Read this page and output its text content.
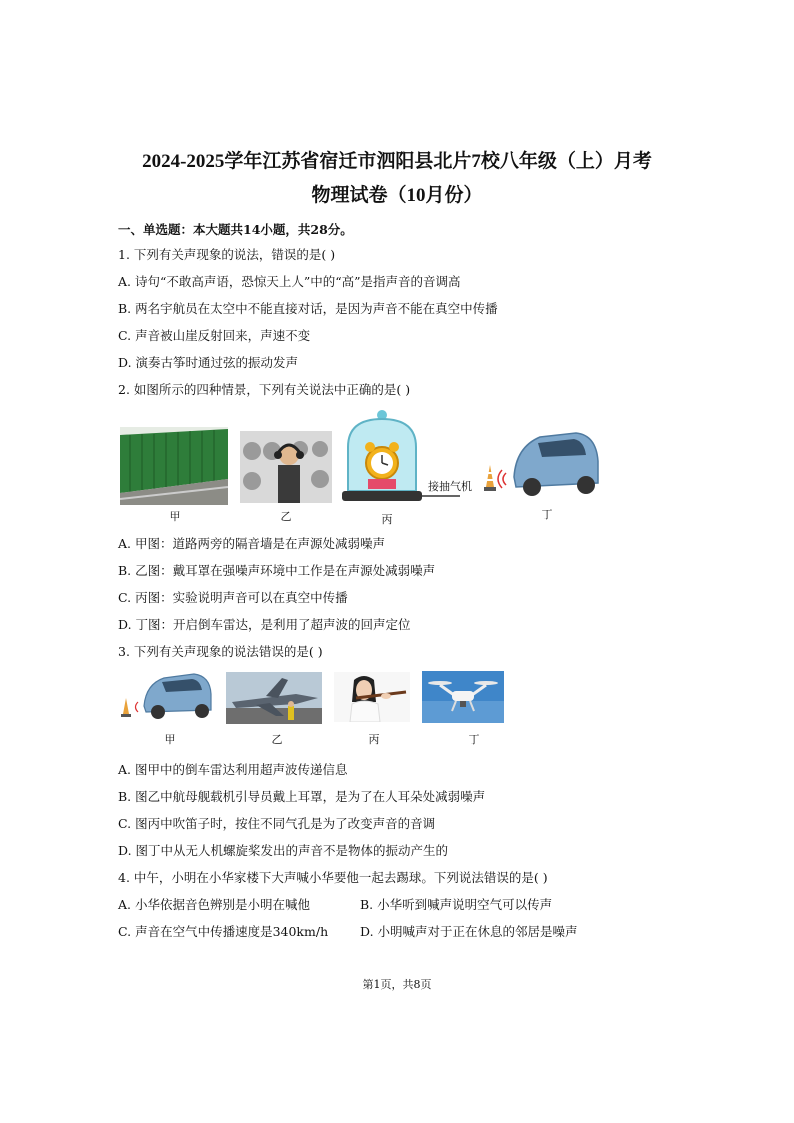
2024-2025学年江苏省宿迁市泗阳县北片7校八年级（上）月考
物理试卷（10月份）
一、单选题：本大题共14小题，共28分。
1. 下列有关声现象的说法，错误的是( )
A. 诗句“不敢高声语，恐惊天上人”中的“高”是指声音的音调高
B. 两名宇航员在太空中不能直接对话，是因为声音不能在真空中传播
C. 声音被山崖反射回来，声速不变
D. 演奏古筝时通过弦的振动发声
2. 如图所示的四种情景，下列有关说法中正确的是( )
甲	乙
接抽气机
丙	丁
A. 甲图：道路两旁的隔音墙是在声源处减弱噪声
B. 乙图：戴耳罩在强噪声环境中工作是在声源处减弱噪声
C. 丙图：实验说明声音可以在真空中传播
D. 丁图：开启倒车雷达，是利用了超声波的回声定位
3. 下列有关声现象的说法错误的是( )
甲	乙	丙	丁
A. 图甲中的倒车雷达利用超声波传递信息
B. 图乙中航母舰载机引导员戴上耳罩，是为了在人耳朵处减弱噪声
C. 图丙中吹笛子时，按住不同气孔是为了改变声音的音调
D. 图丁中从无人机螺旋桨发出的声音不是物体的振动产生的
4. 中午，小明在小华家楼下大声喊小华要他一起去踢球。下列说法错误的是( )
A. 小华依据音色辨别是小明在喊他	B. 小华听到喊声说明空气可以传声
C. 声音在空气中传播速度是340km/h	D. 小明喊声对于正在休息的邻居是噪声
第1页，共8页
